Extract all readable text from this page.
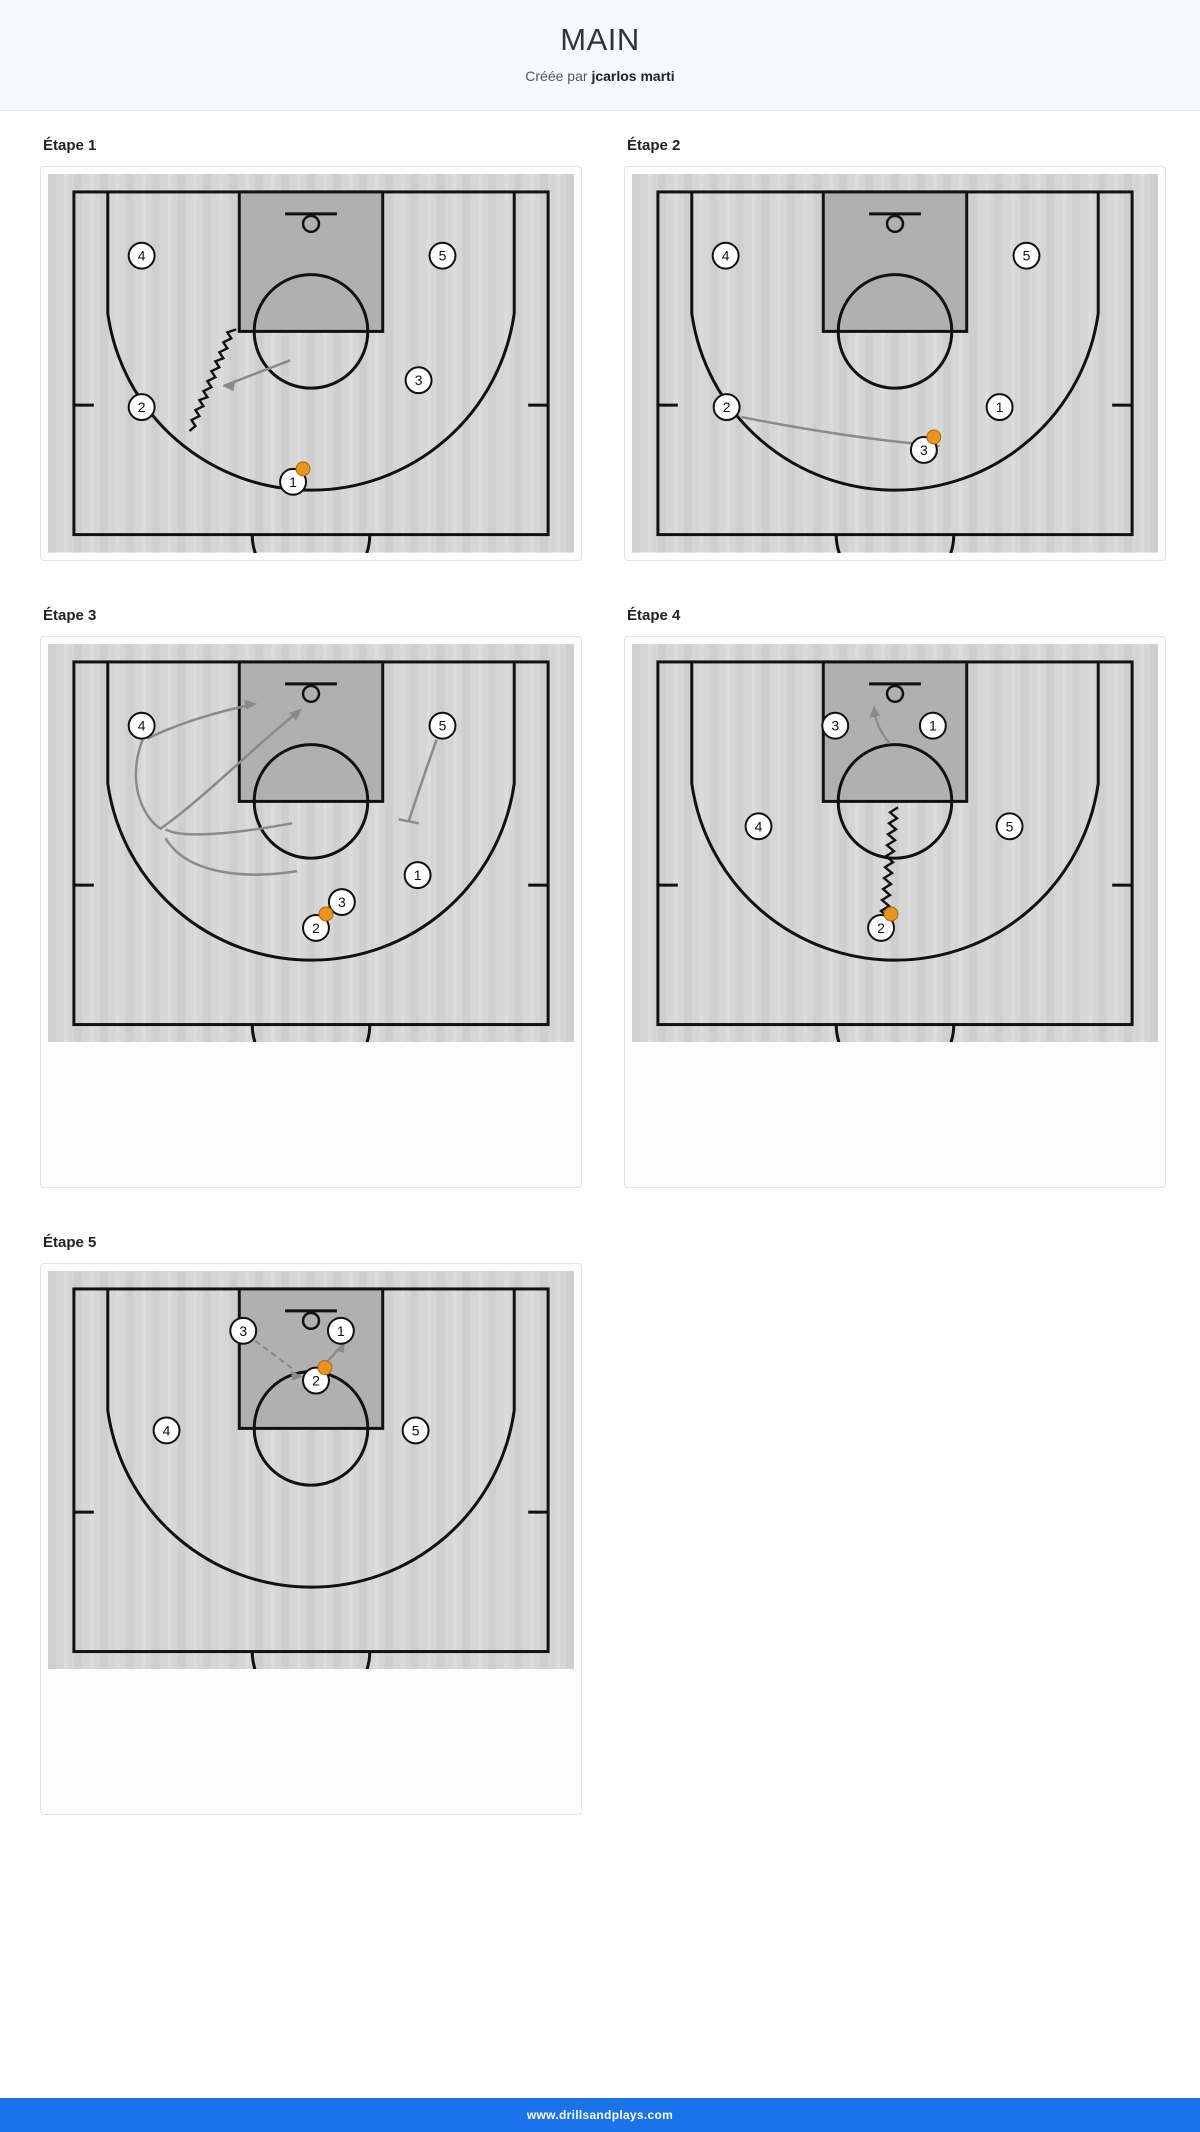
MAIN
Créée par jcarlos marti
Étape 1
4	5
2
3
1
Étape 2
4	5
2	1
3
Étape 3
4	5
1
3
2
Étape 4
3	1
4	5
2
Étape 5
3	1
2
4	5
www.drillsandplays.com
